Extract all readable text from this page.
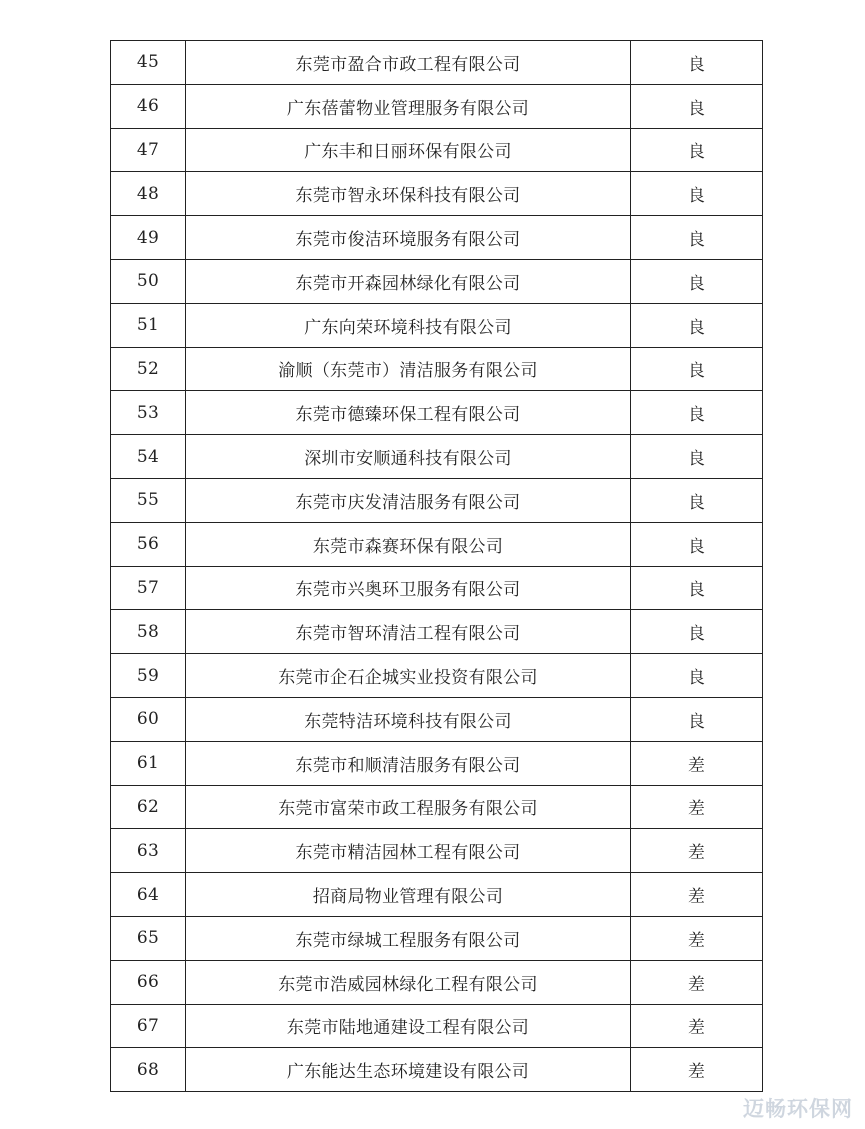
45	东莞市盈合市政工程有限公司	良
46	广东蓓蕾物业管理服务有限公司	良
47	广东丰和日丽环保有限公司	良
48	东莞市智永环保科技有限公司	良
49	东莞市俊洁环境服务有限公司	良
50	东莞市开森园林绿化有限公司	良
51	广东向荣环境科技有限公司	良
52	渝顺（东莞市）清洁服务有限公司	良
53	东莞市德臻环保工程有限公司	良
54	深圳市安顺通科技有限公司	良
55	东莞市庆发清洁服务有限公司	良
56	东莞市森赛环保有限公司	良
57	东莞市兴奥环卫服务有限公司	良
58	东莞市智环清洁工程有限公司	良
59	东莞市企石企城实业投资有限公司	良
60	东莞特洁环境科技有限公司	良
61	东莞市和顺清洁服务有限公司	差
62	东莞市富荣市政工程服务有限公司	差
63	东莞市精洁园林工程有限公司	差
64	招商局物业管理有限公司	差
65	东莞市绿城工程服务有限公司	差
66	东莞市浩威园林绿化工程有限公司	差
67	东莞市陆地通建设工程有限公司	差
68	广东能达生态环境建设有限公司	差
迈畅环保网
